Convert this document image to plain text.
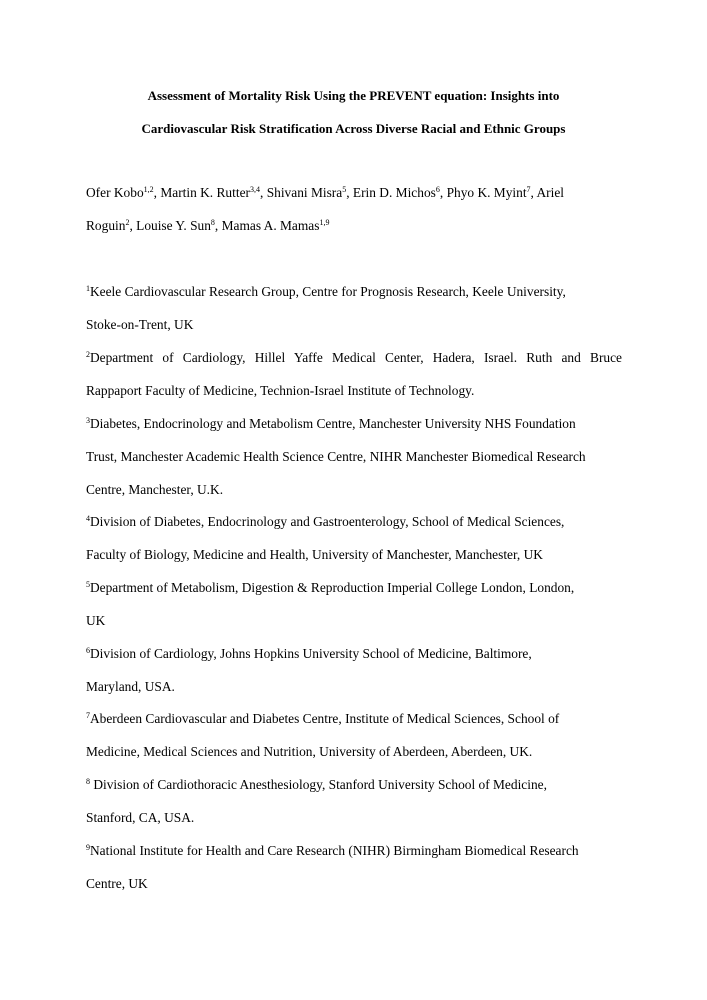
Assessment of Mortality Risk Using the PREVENT equation: Insights into
Cardiovascular Risk Stratification Across Diverse Racial and Ethnic Groups
Ofer Kobo$^{1,2}$, Martin K. Rutter$^{3,4}$, Shivani Misra$^5$, Erin D. Michos$^6$, Phyo K. Myint$^7$, Ariel
Roguin$^2$, Louise Y. Sun$^8$, Mamas A. Mamas$^{1,9}$
$^1$Keele Cardiovascular Research Group, Centre for Prognosis Research, Keele University,
Stoke-on-Trent, UK
$^2$Department of Cardiology, Hillel Yaffe Medical Center, Hadera, Israel. Ruth and Bruce
Rappaport Faculty of Medicine, Technion-Israel Institute of Technology.
$^3$Diabetes, Endocrinology and Metabolism Centre, Manchester University NHS Foundation
Trust, Manchester Academic Health Science Centre, NIHR Manchester Biomedical Research
Centre, Manchester, U.K.
$^4$Division of Diabetes, Endocrinology and Gastroenterology, School of Medical Sciences,
Faculty of Biology, Medicine and Health, University of Manchester, Manchester, UK
$^5$Department of Metabolism, Digestion & Reproduction Imperial College London, London,
UK
$^6$Division of Cardiology, Johns Hopkins University School of Medicine, Baltimore,
Maryland, USA.
$^7$Aberdeen Cardiovascular and Diabetes Centre, Institute of Medical Sciences, School of
Medicine, Medical Sciences and Nutrition, University of Aberdeen, Aberdeen, UK.
$^8$ Division of Cardiothoracic Anesthesiology, Stanford University School of Medicine,
Stanford, CA, USA.
$^9$National Institute for Health and Care Research (NIHR) Birmingham Biomedical Research
Centre, UK
